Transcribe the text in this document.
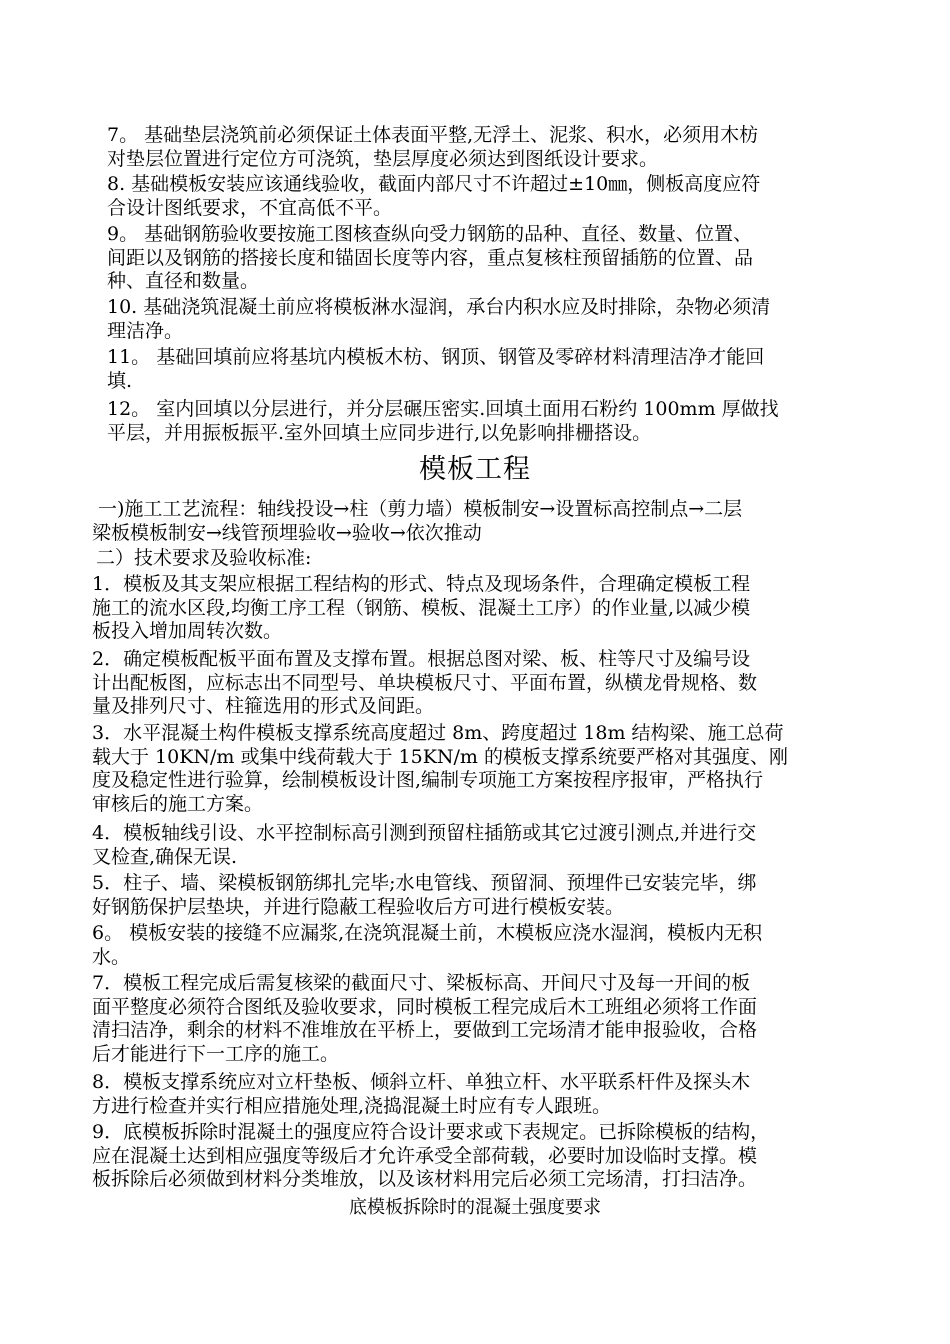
7。 基础垫层浇筑前必须保证土体表面平整,无浮土、泥浆、积水，必须用木枋
对垫层位置进行定位方可浇筑，垫层厚度必须达到图纸设计要求。
8. 基础模板安装应该通线验收，截面内部尺寸不许超过±10㎜，侧板高度应符
合设计图纸要求，不宜高低不平。
9。 基础钢筋验收要按施工图核查纵向受力钢筋的品种、直径、数量、位置、
间距以及钢筋的搭接长度和锚固长度等内容，重点复核柱预留插筋的位置、品
种、直径和数量。
10. 基础浇筑混凝土前应将模板淋水湿润，承台内积水应及时排除，杂物必须清
理洁净。
11。 基础回填前应将基坑内模板木枋、钢顶、钢管及零碎材料清理洁净才能回
填.
12。 室内回填以分层进行，并分层碾压密实.回填土面用石粉约 100mm 厚做找
平层，并用振板振平.室外回填土应同步进行,以免影响排栅搭设。
模板工程
一)施工工艺流程：轴线投设→柱（剪力墙）模板制安→设置标高控制点→二层
梁板模板制安→线管预埋验收→验收→依次推动
二）技术要求及验收标准:
1．模板及其支架应根据工程结构的形式、特点及现场条件，合理确定模板工程
施工的流水区段,均衡工序工程（钢筋、模板、混凝土工序）的作业量,以减少模
板投入增加周转次数。
2．确定模板配板平面布置及支撑布置。根据总图对梁、板、柱等尺寸及编号设
计出配板图，应标志出不同型号、单块模板尺寸、平面布置，纵横龙骨规格、数
量及排列尺寸、柱箍选用的形式及间距。
3．水平混凝土构件模板支撑系统高度超过 8m、跨度超过 18m 结构梁、施工总荷
载大于 10KN/m 或集中线荷载大于 15KN/m 的模板支撑系统要严格对其强度、刚
度及稳定性进行验算，绘制模板设计图,编制专项施工方案按程序报审，严格执行
审核后的施工方案。
4．模板轴线引设、水平控制标高引测到预留柱插筋或其它过渡引测点,并进行交
叉检查,确保无误.
5．柱子、墙、梁模板钢筋绑扎完毕;水电管线、预留洞、预埋件已安装完毕，绑
好钢筋保护层垫块，并进行隐蔽工程验收后方可进行模板安装。
6。 模板安装的接缝不应漏浆,在浇筑混凝土前，木模板应浇水湿润，模板内无积
水。
7．模板工程完成后需复核梁的截面尺寸、梁板标高、开间尺寸及每一开间的板
面平整度必须符合图纸及验收要求，同时模板工程完成后木工班组必须将工作面
清扫洁净，剩余的材料不准堆放在平桥上，要做到工完场清才能申报验收，合格
后才能进行下一工序的施工。
8．模板支撑系统应对立杆垫板、倾斜立杆、单独立杆、水平联系杆件及探头木
方进行检查并实行相应措施处理,浇捣混凝土时应有专人跟班。
9．底模板拆除时混凝土的强度应符合设计要求或下表规定。已拆除模板的结构，
应在混凝土达到相应强度等级后才允许承受全部荷载，必要时加设临时支撑。模
板拆除后必须做到材料分类堆放，以及该材料用完后必须工完场清，打扫洁净。
底模板拆除时的混凝土强度要求
